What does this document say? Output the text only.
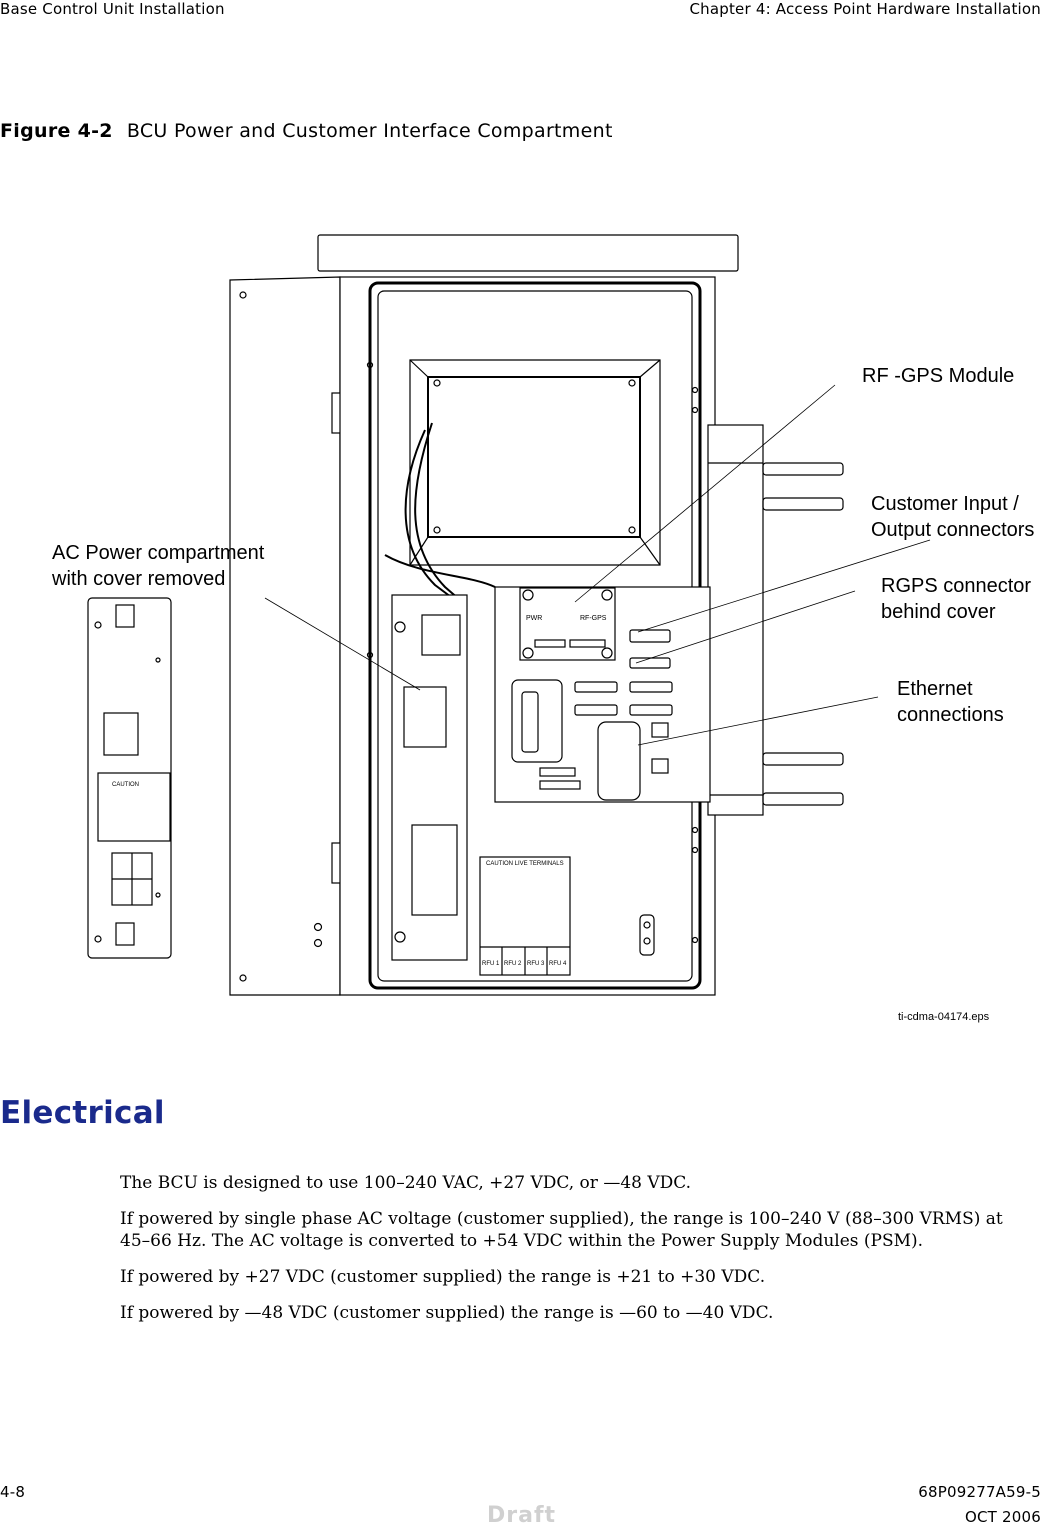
Base Control Unit Installation	Chapter 4: Access Point Hardware Installation
Figure 4-2 BCU Power and Customer Interface Compartment
PWR	RF-GPS
CAUTION LIVE TERMINALS
RFU 1 RFU 2 RFU 3 RFU 4
CAUTION
RF -GPS Module
Customer Input /
Output connectors
RGPS connector
behind cover
Ethernet
connections
AC Power compartment
with cover removed
ti-cdma-04174.eps
Electrical

The BCU is designed to use 100–240 VAC, +27 VDC, or —48 VDC.

If powered by single phase AC voltage (customer supplied), the range is 100–240 V (88–300 VRMS) at 45–66 Hz. The AC voltage is converted to +54 VDC within the Power Supply Modules (PSM).

If powered by +27 VDC (customer supplied) the range is +21 to +30 VDC.

If powered by —48 VDC (customer supplied) the range is —60 to —40 VDC.

4-8	68P09277A59-5
Draft	OCT 2006
